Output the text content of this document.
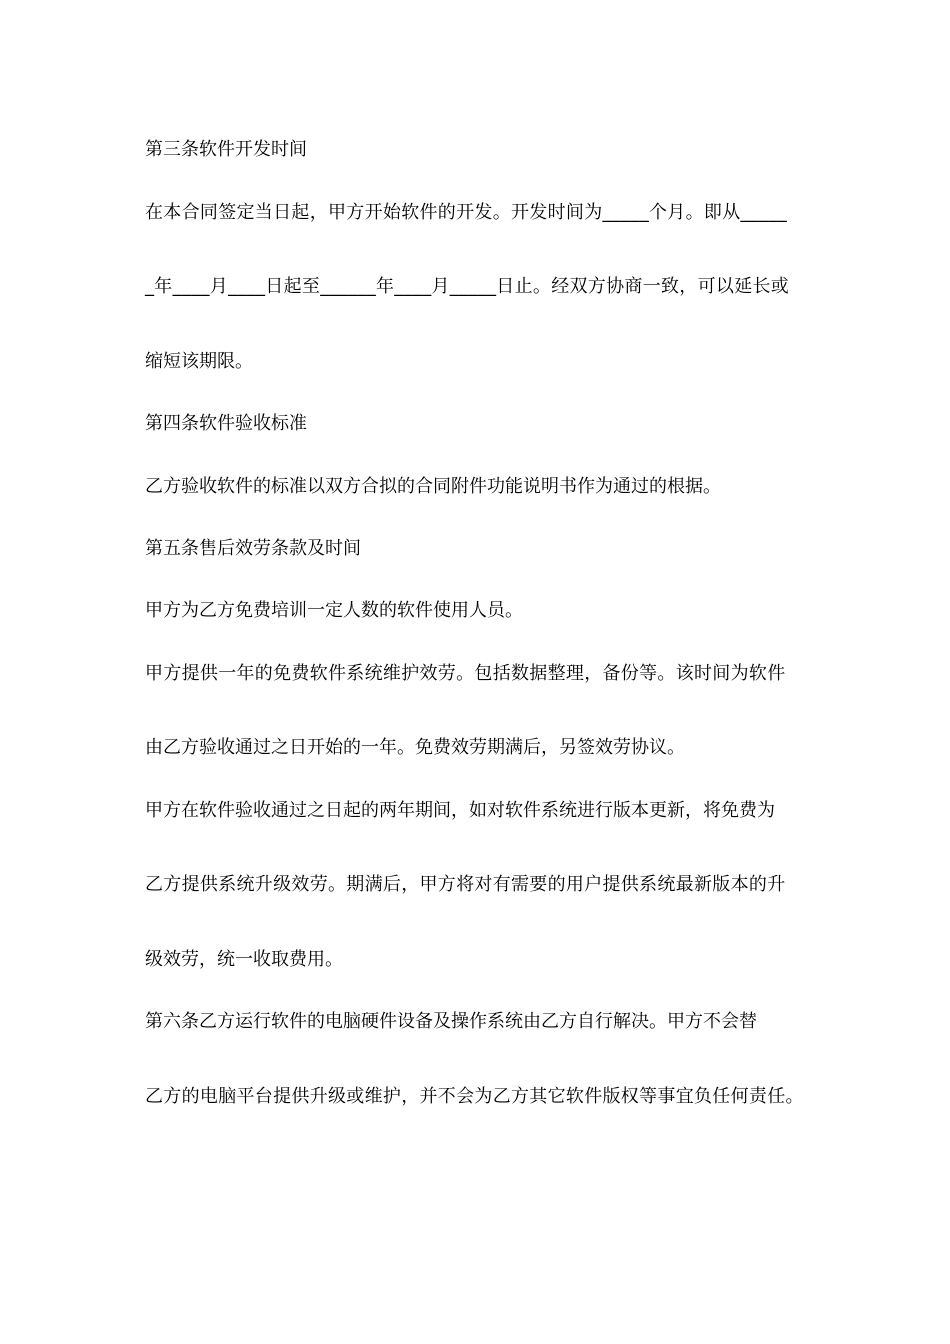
第三条软件开发时间
在本合同签定当日起，甲方开始软件的开发。开发时间为_____个月。即从_____
_年____月____日起至______年____月_____日止。经双方协商一致，可以延长或
缩短该期限。
第四条软件验收标准
乙方验收软件的标准以双方合拟的合同附件功能说明书作为通过的根据。
第五条售后效劳条款及时间
甲方为乙方免费培训一定人数的软件使用人员。
甲方提供一年的免费软件系统维护效劳。包括数据整理，备份等。该时间为软件
由乙方验收通过之日开始的一年。免费效劳期满后，另签效劳协议。
甲方在软件验收通过之日起的两年期间，如对软件系统进行版本更新，将免费为
乙方提供系统升级效劳。期满后，甲方将对有需要的用户提供系统最新版本的升
级效劳，统一收取费用。
第六条乙方运行软件的电脑硬件设备及操作系统由乙方自行解决。甲方不会替
乙方的电脑平台提供升级或维护，并不会为乙方其它软件版权等事宜负任何责任。
